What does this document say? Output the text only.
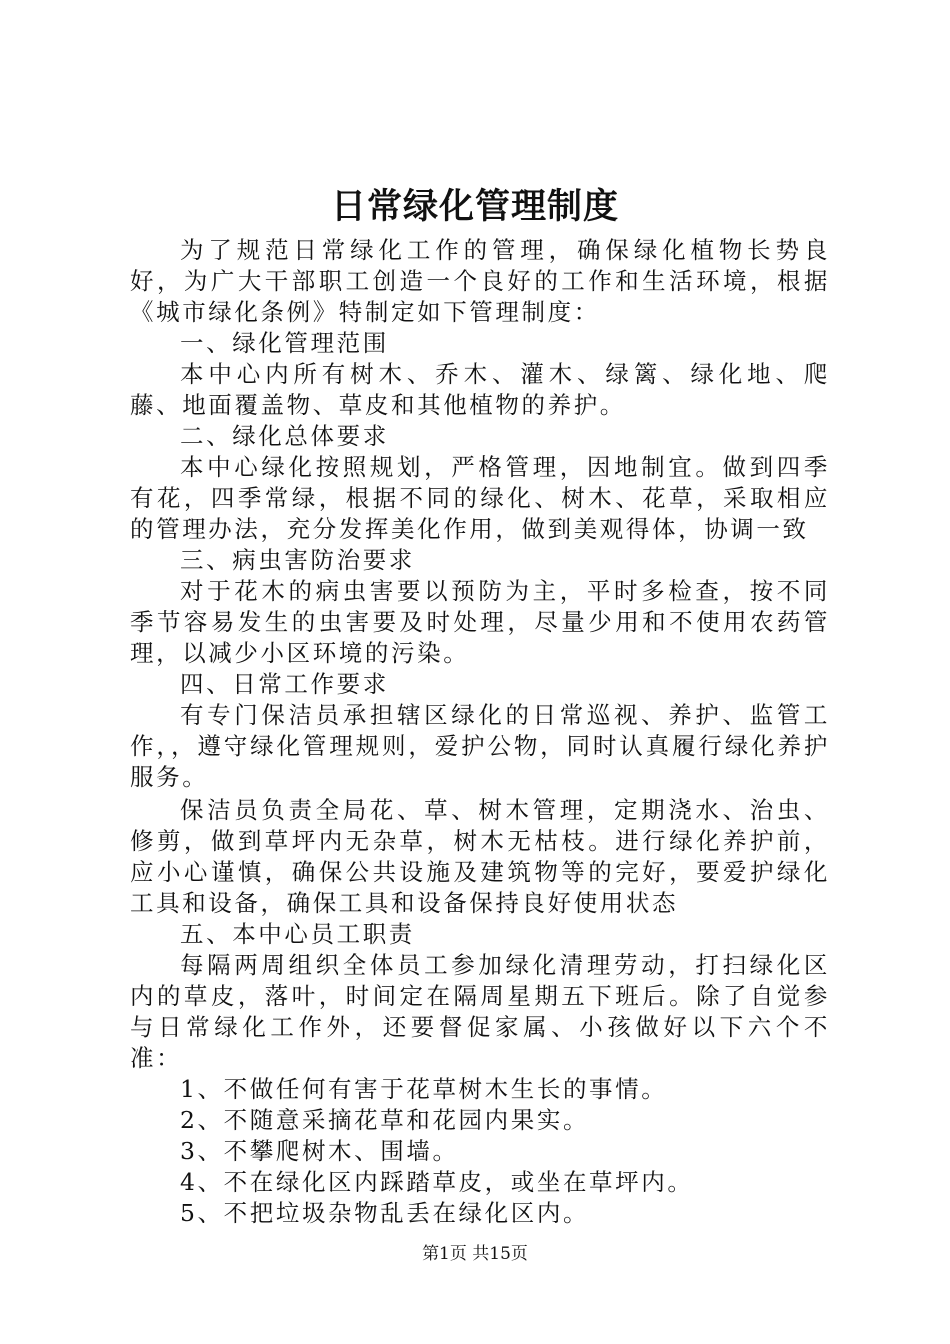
日常绿化管理制度

为了规范日常绿化工作的管理，确保绿化植物长势良好，为广大干部职工创造一个良好的工作和生活环境，根据《城市绿化条例》特制定如下管理制度：

一、绿化管理范围

本中心内所有树木、乔木、灌木、绿篱、绿化地、爬藤、地面覆盖物、草皮和其他植物的养护。

二、绿化总体要求

本中心绿化按照规划，严格管理，因地制宜。做到四季有花，四季常绿，根据不同的绿化、树木、花草，采取相应的管理办法，充分发挥美化作用，做到美观得体，协调一致

三、病虫害防治要求

对于花木的病虫害要以预防为主，平时多检查，按不同季节容易发生的虫害要及时处理，尽量少用和不使用农药管理，以减少小区环境的污染。

四、日常工作要求

有专门保洁员承担辖区绿化的日常巡视、养护、监管工作，，遵守绿化管理规则，爱护公物，同时认真履行绿化养护服务。

保洁员负责全局花、草、树木管理，定期浇水、治虫、修剪，做到草坪内无杂草，树木无枯枝。进行绿化养护前，应小心谨慎，确保公共设施及建筑物等的完好，要爱护绿化工具和设备，确保工具和设备保持良好使用状态

五、本中心员工职责

每隔两周组织全体员工参加绿化清理劳动，打扫绿化区内的草皮，落叶，时间定在隔周星期五下班后。除了自觉参与日常绿化工作外，还要督促家属、小孩做好以下六个不准：

1、不做任何有害于花草树木生长的事情。

2、不随意采摘花草和花园内果实。

3、不攀爬树木、围墙。

4、不在绿化区内踩踏草皮，或坐在草坪内。

5、不把垃圾杂物乱丢在绿化区内。

第1页 共15页
